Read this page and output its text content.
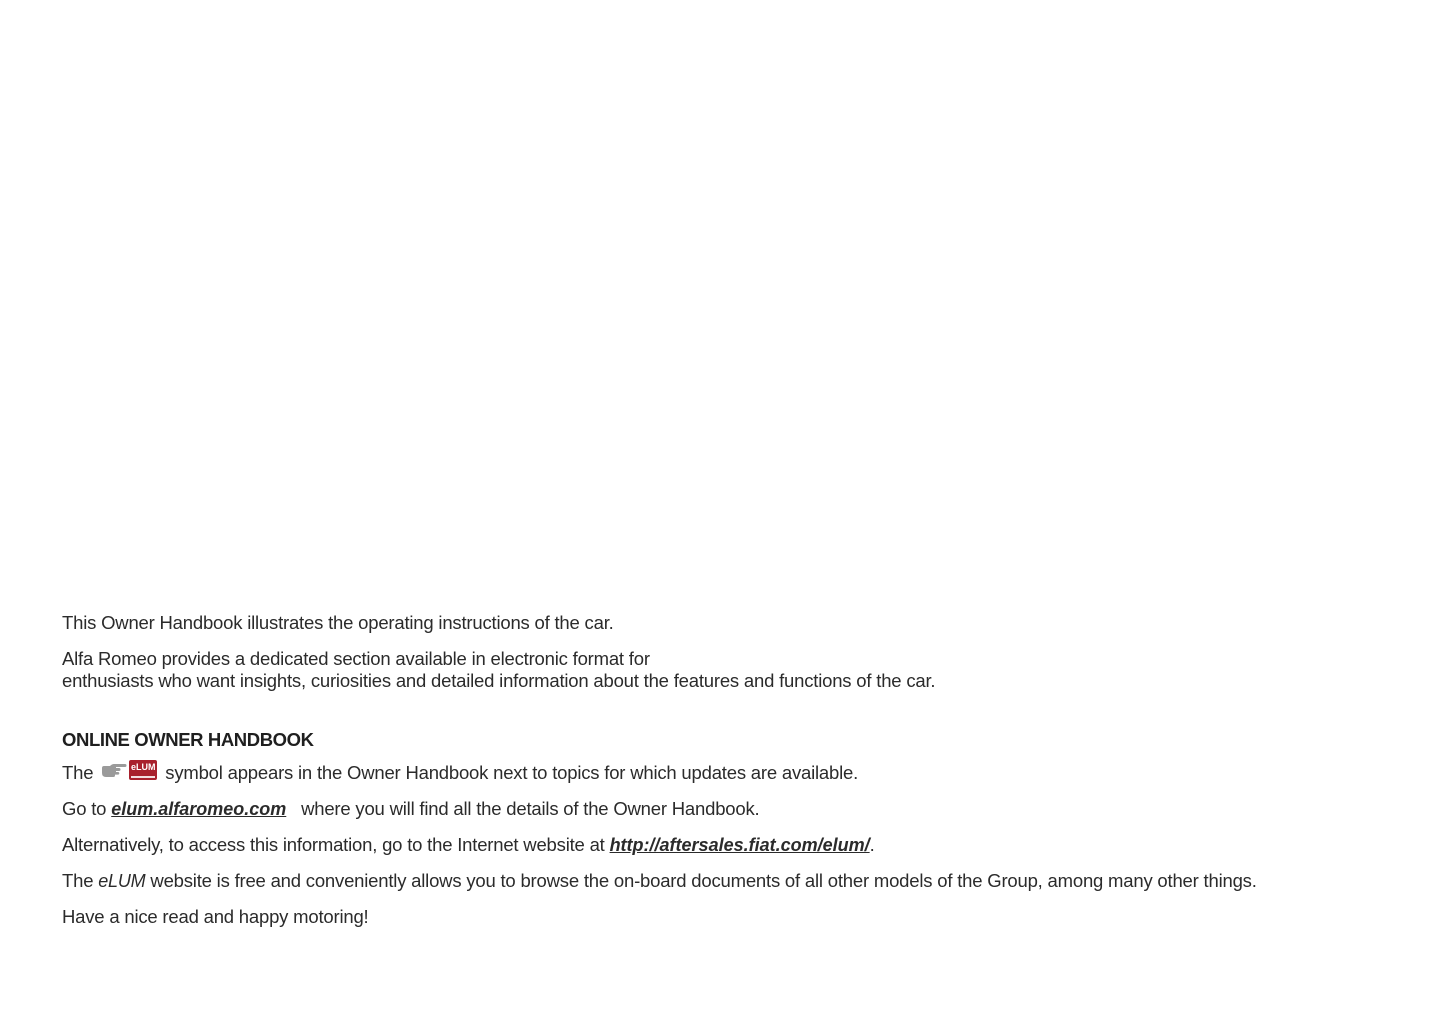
This Owner Handbook illustrates the operating instructions of the car.

Alfa Romeo provides a dedicated section available in electronic format for

enthusiasts who want insights, curiosities and detailed information about the features and functions of the car.

ONLINE OWNER HANDBOOK

The	eLUM symbol appears in the Owner Handbook next to topics for which updates are available.

Go to elum.alfaromeo.com where you will find all the details of the Owner Handbook.

Alternatively, to access this information, go to the Internet website at http://aftersales.fiat.com/elum/.

The eLUM website is free and conveniently allows you to browse the on-board documents of all other models of the Group, among many other things.

Have a nice read and happy motoring!
